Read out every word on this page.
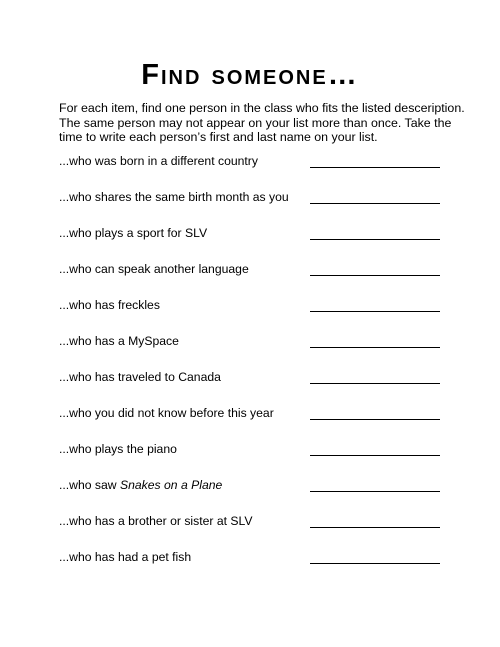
Find someone…
For each item, find one person in the class who fits the listed desceription.
The same person may not appear on your list more than once. Take the
time to write each person’s first and last name on your list.
...who was born in a different country
...who shares the same birth month as you
...who plays a sport for SLV
...who can speak another language
...who has freckles
...who has a MySpace
...who has traveled to Canada
...who you did not know before this year
...who plays the piano
...who saw Snakes on a Plane
...who has a brother or sister at SLV
...who has had a pet fish
